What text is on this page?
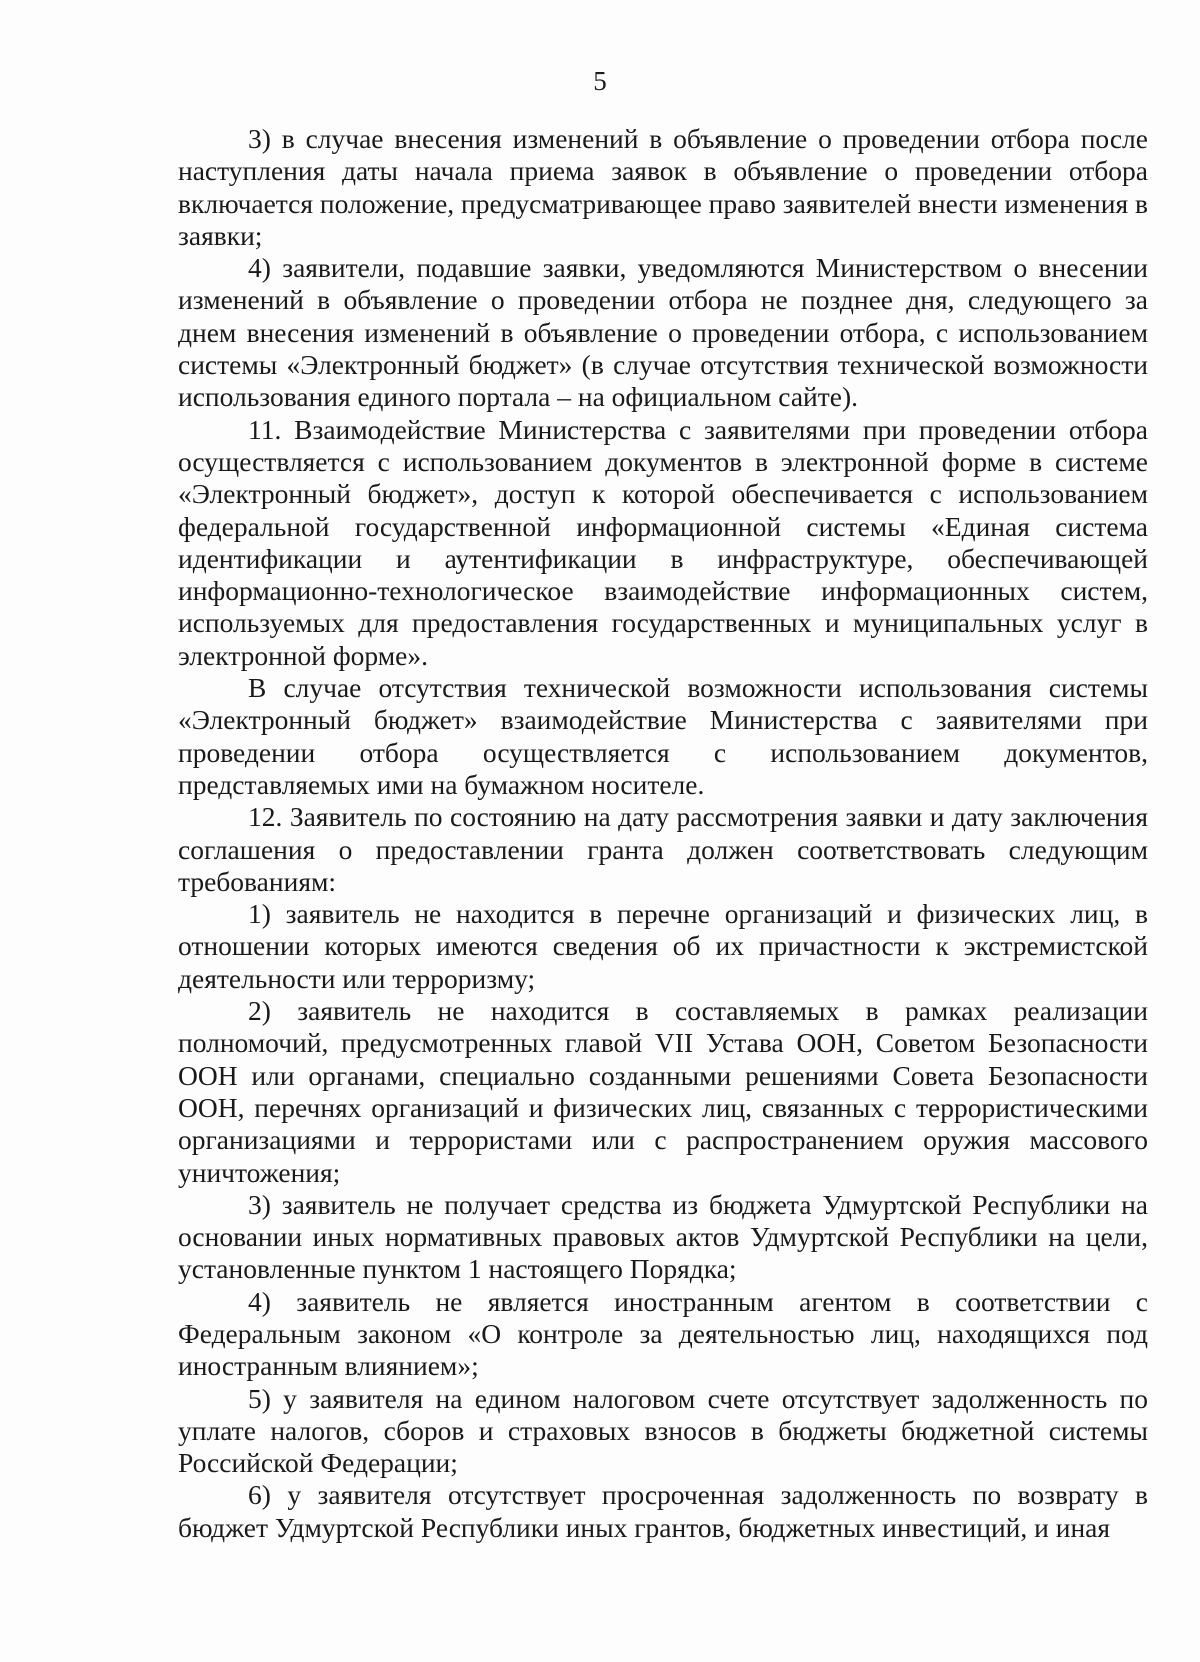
5

3) в случае внесения изменений в объявление о проведении отбора после наступления даты начала приема заявок в объявление о проведении отбора включается положение, предусматривающее право заявителей внести изменения в заявки;

4) заявители, подавшие заявки, уведомляются Министерством о внесении изменений в объявление о проведении отбора не позднее дня, следующего за днем внесения изменений в объявление о проведении отбора, с использованием системы «Электронный бюджет» (в случае отсутствия технической возможности использования единого портала – на официальном сайте).

11. Взаимодействие Министерства с заявителями при проведении отбора осуществляется с использованием документов в электронной форме в системе «Электронный бюджет», доступ к которой обеспечивается с использованием федеральной государственной информационной системы «Единая система идентификации и аутентификации в инфраструктуре, обеспечивающей информационно-технологическое взаимодействие информационных систем, используемых для предоставления государственных и муниципальных услуг в электронной форме».

В случае отсутствия технической возможности использования системы «Электронный бюджет» взаимодействие Министерства с заявителями при проведении отбора осуществляется с использованием документов, представляемых ими на бумажном носителе.

12. Заявитель по состоянию на дату рассмотрения заявки и дату заключения соглашения о предоставлении гранта должен соответствовать следующим требованиям:

1) заявитель не находится в перечне организаций и физических лиц, в отношении которых имеются сведения об их причастности к экстремистской деятельности или терроризму;

2) заявитель не находится в составляемых в рамках реализации полномочий, предусмотренных главой VII Устава ООН, Советом Безопасности ООН или органами, специально созданными решениями Совета Безопасности ООН, перечнях организаций и физических лиц, связанных с террористическими организациями и террористами или с распространением оружия массового уничтожения;

3) заявитель не получает средства из бюджета Удмуртской Республики на основании иных нормативных правовых актов Удмуртской Республики на цели, установленные пунктом 1 настоящего Порядка;

4) заявитель не является иностранным агентом в соответствии с Федеральным законом «О контроле за деятельностью лиц, находящихся под иностранным влиянием»;

5) у заявителя на едином налоговом счете отсутствует задолженность по уплате налогов, сборов и страховых взносов в бюджеты бюджетной системы Российской Федерации;

6) у заявителя отсутствует просроченная задолженность по возврату в бюджет Удмуртской Республики иных грантов, бюджетных инвестиций, и иная
